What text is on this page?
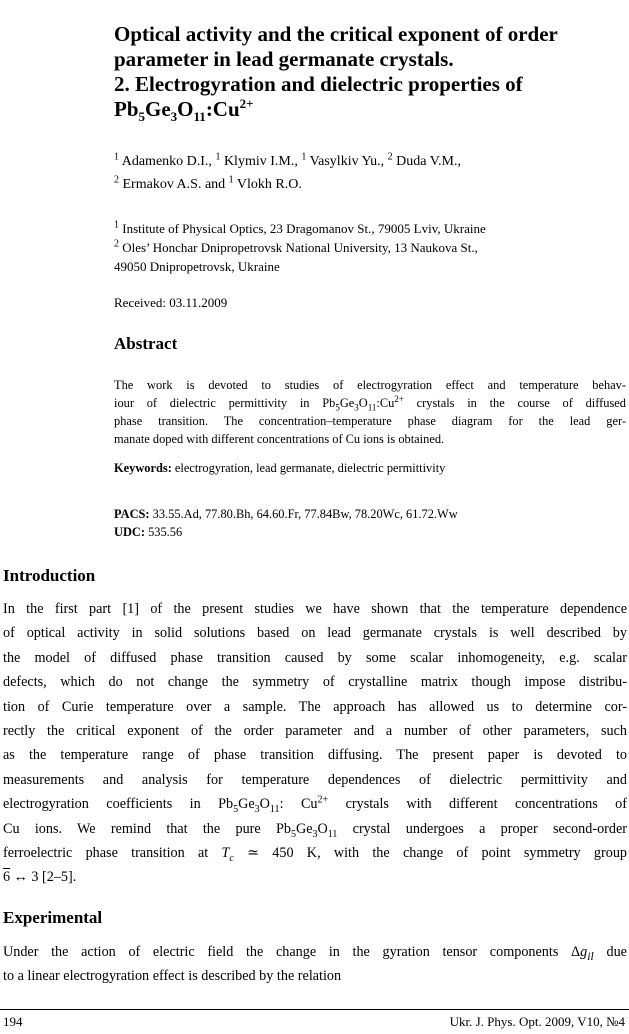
Optical activity and the critical exponent of order
parameter in lead germanate crystals.
2. Electrogyration and dielectric properties of
$Pb_5Ge_3O_{11}:Cu^{2+}$
$^1$ Adamenko D.I., $^1$ Klymiv I.M., $^1$ Vasylkiv Yu., $^2$ Duda V.M.,
$^2$ Ermakov A.S. and $^1$ Vlokh R.O.
$^1$ Institute of Physical Optics, 23 Dragomanov St., 79005 Lviv, Ukraine
$^2$ Oles’ Honchar Dnipropetrovsk National University, 13 Naukova St.,
49050 Dnipropetrovsk, Ukraine
Received: 03.11.2009
Abstract
The work is devoted to studies of electrogyration effect and temperature behav-
iour of dielectric permittivity in $Pb_5Ge_3O_{11}:Cu^{2+}$ crystals in the course of diffused
phase transition. The concentration–temperature phase diagram for the lead ger-
manate doped with different concentrations of Cu ions is obtained.
Keywords: electrogyration, lead germanate, dielectric permittivity
PACS: 33.55.Ad, 77.80.Bh, 64.60.Fr, 77.84Bw, 78.20Wc, 61.72.Ww
UDC: 535.56
Introduction
In the first part [1] of the present studies we have shown that the temperature dependence
of optical activity in solid solutions based on lead germanate crystals is well described by
the model of diffused phase transition caused by some scalar inhomogeneity, e.g. scalar
defects, which do not change the symmetry of crystalline matrix though impose distribu-
tion of Curie temperature over a sample. The approach has allowed us to determine cor-
rectly the critical exponent of the order parameter and a number of other parameters, such
as the temperature range of phase transition diffusing. The present paper is devoted to
measurements and analysis for temperature dependences of dielectric permittivity and
electrogyration coefficients in $Pb_5Ge_3O_{11}$: $Cu^{2+}$ crystals with different concentrations of
Cu ions. We remind that the pure $Pb_5Ge_3O_{11}$ crystal undergoes a proper second-order
ferroelectric phase transition at $T_c$ ≃ 450 K, with the change of point symmetry group
6 ↔ 3 [2–5].
Experimental
Under the action of electric field the change in the gyration tensor components $\Delta g_{il}$ due
to a linear electrogyration effect is described by the relation
194	Ukr. J. Phys. Opt. 2009, V10, №4
